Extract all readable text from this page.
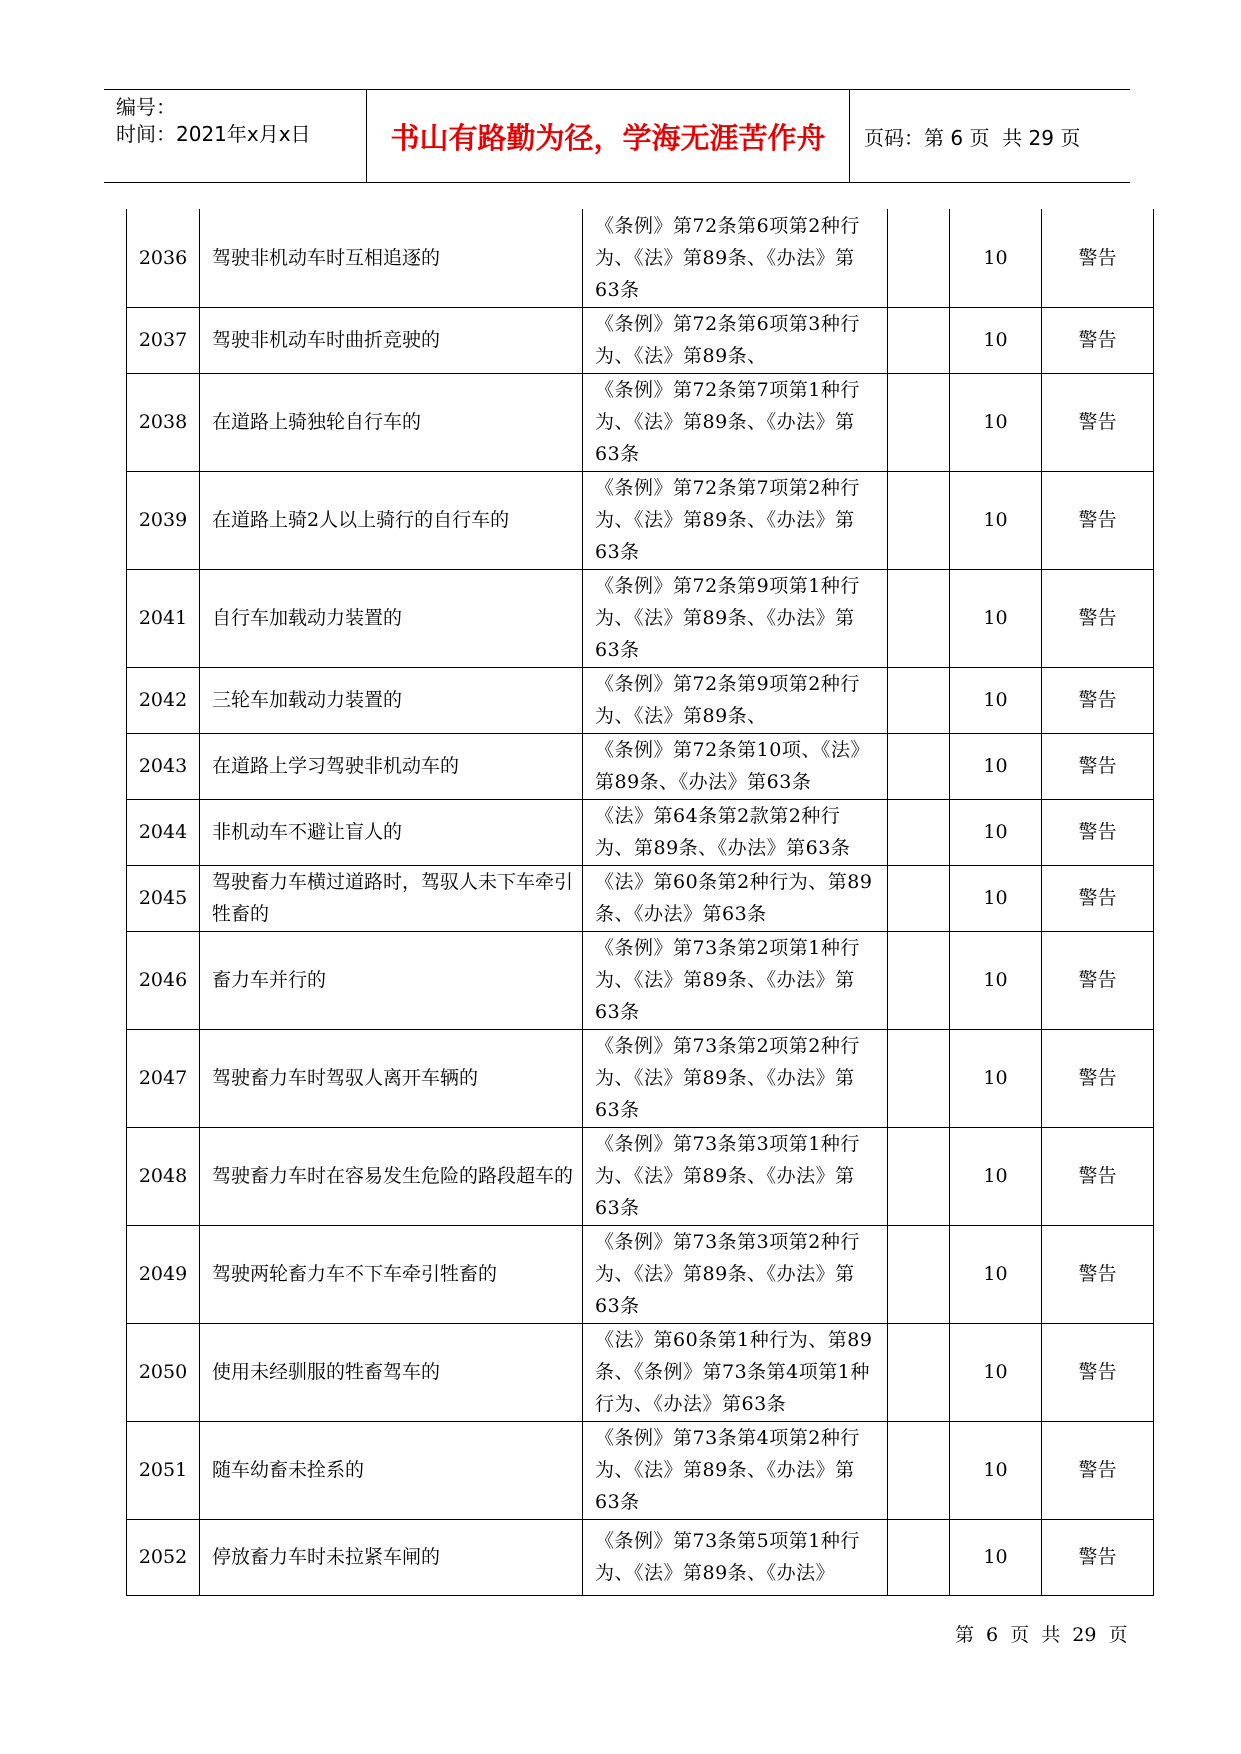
编号：
时间：2021年x月x日	书山有路勤为径，学海无涯苦作舟	页码：第 6 页  共 29 页
2036	驾驶非机动车时互相追逐的	《条例》第72条第6项第2种行为、《法》第89条、《办法》第63条		10	警告
2037	驾驶非机动车时曲折竞驶的	《条例》第72条第6项第3种行为、《法》第89条、		10	警告
2038	在道路上骑独轮自行车的	《条例》第72条第7项第1种行为、《法》第89条、《办法》第63条		10	警告
2039	在道路上骑2人以上骑行的自行车的	《条例》第72条第7项第2种行为、《法》第89条、《办法》第63条		10	警告
2041	自行车加载动力装置的	《条例》第72条第9项第1种行为、《法》第89条、《办法》第63条		10	警告
2042	三轮车加载动力装置的	《条例》第72条第9项第2种行为、《法》第89条、		10	警告
2043	在道路上学习驾驶非机动车的	《条例》第72条第10项、《法》第89条、《办法》第63条		10	警告
2044	非机动车不避让盲人的	《法》第64条第2款第2种行为、第89条、《办法》第63条		10	警告
2045	驾驶畜力车横过道路时，驾驭人未下车牵引牲畜的	《法》第60条第2种行为、第89条、《办法》第63条		10	警告
2046	畜力车并行的	《条例》第73条第2项第1种行为、《法》第89条、《办法》第63条		10	警告
2047	驾驶畜力车时驾驭人离开车辆的	《条例》第73条第2项第2种行为、《法》第89条、《办法》第63条		10	警告
2048	驾驶畜力车时在容易发生危险的路段超车的	《条例》第73条第3项第1种行为、《法》第89条、《办法》第63条		10	警告
2049	驾驶两轮畜力车不下车牵引牲畜的	《条例》第73条第3项第2种行为、《法》第89条、《办法》第63条		10	警告
2050	使用未经驯服的牲畜驾车的	《法》第60条第1种行为、第89条、《条例》第73条第4项第1种行为、《办法》第63条		10	警告
2051	随车幼畜未拴系的	《条例》第73条第4项第2种行为、《法》第89条、《办法》第63条		10	警告
2052	停放畜力车时未拉紧车闸的	《条例》第73条第5项第1种行为、《法》第89条、《办法》		10	警告
第 6 页 共 29 页
